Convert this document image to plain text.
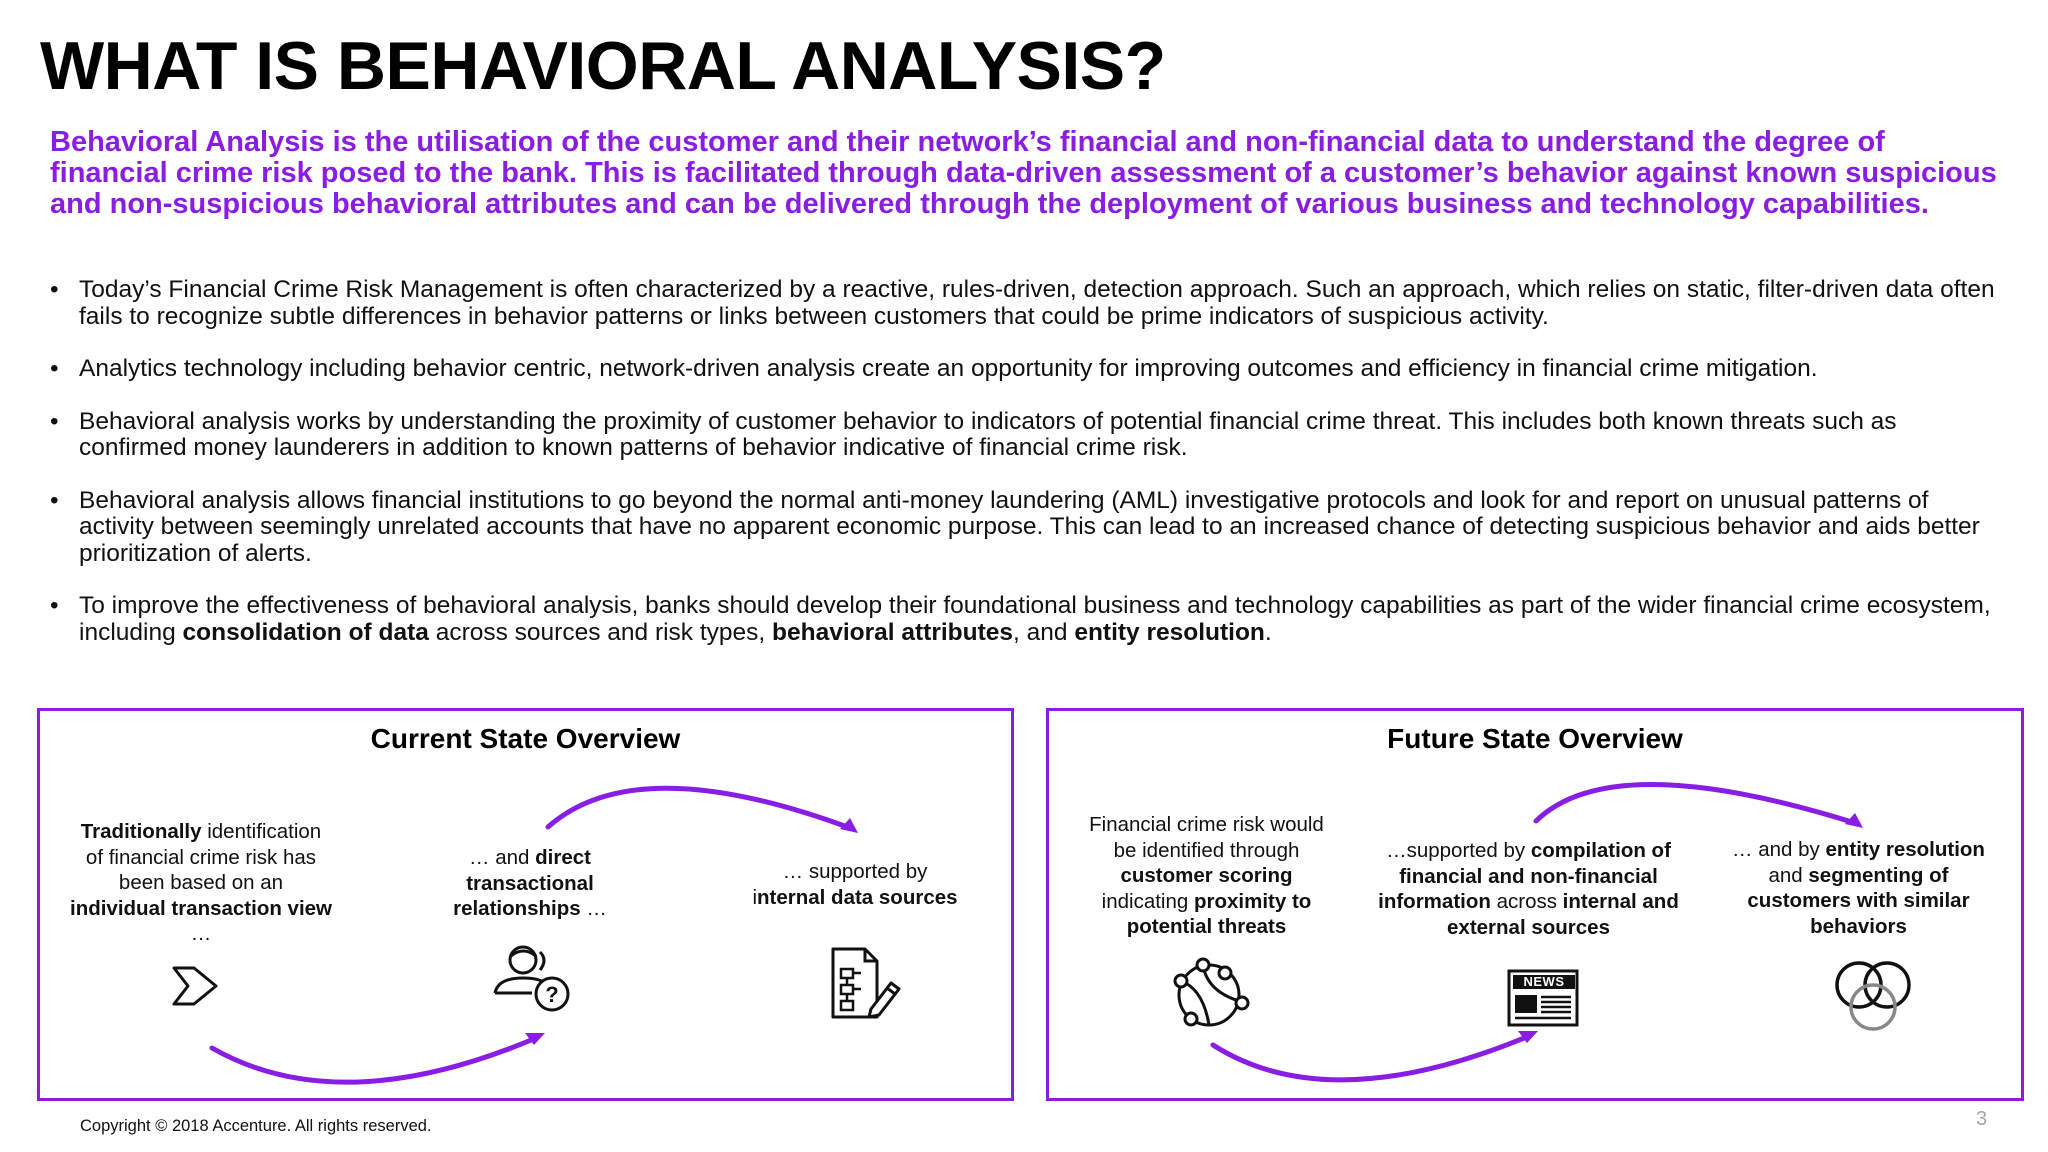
WHAT IS BEHAVIORAL ANALYSIS?

Behavioral Analysis is the utilisation of the customer and their network’s financial and non-financial data to understand the degree of financial crime risk posed to the bank. This is facilitated through data-driven assessment of a customer’s behavior against known suspicious and non-suspicious behavioral attributes and can be delivered through the deployment of various business and technology capabilities.

• Today’s Financial Crime Risk Management is often characterized by a reactive, rules-driven, detection approach. Such an approach, which relies on static, filter-driven data often fails to recognize subtle differences in behavior patterns or links between customers that could be prime indicators of suspicious activity.
• Analytics technology including behavior centric, network-driven analysis create an opportunity for improving outcomes and efficiency in financial crime mitigation.
• Behavioral analysis works by understanding the proximity of customer behavior to indicators of potential financial crime threat. This includes both known threats such as confirmed money launderers in addition to known patterns of behavior indicative of financial crime risk.
• Behavioral analysis allows financial institutions to go beyond the normal anti-money laundering (AML) investigative protocols and look for and report on unusual patterns of activity between seemingly unrelated accounts that have no apparent economic purpose. This can lead to an increased chance of detecting suspicious behavior and aids better prioritization of alerts.
• To improve the effectiveness of behavioral analysis, banks should develop their foundational business and technology capabilities as part of the wider financial crime ecosystem, including consolidation of data across sources and risk types, behavioral attributes, and entity resolution.
Current State Overview

Traditionally identification of financial crime risk has been based on an individual transaction view …

… and direct transactional relationships …

… supported by
internal data sources

?
Future State Overview

Financial crime risk would be identified through customer scoring indicating proximity to potential threats

…supported by compilation of financial and non-financial information across internal and external sources

… and by entity resolution and segmenting of customers with similar behaviors

NEWS

Copyright © 2018 Accenture. All rights reserved.	3
